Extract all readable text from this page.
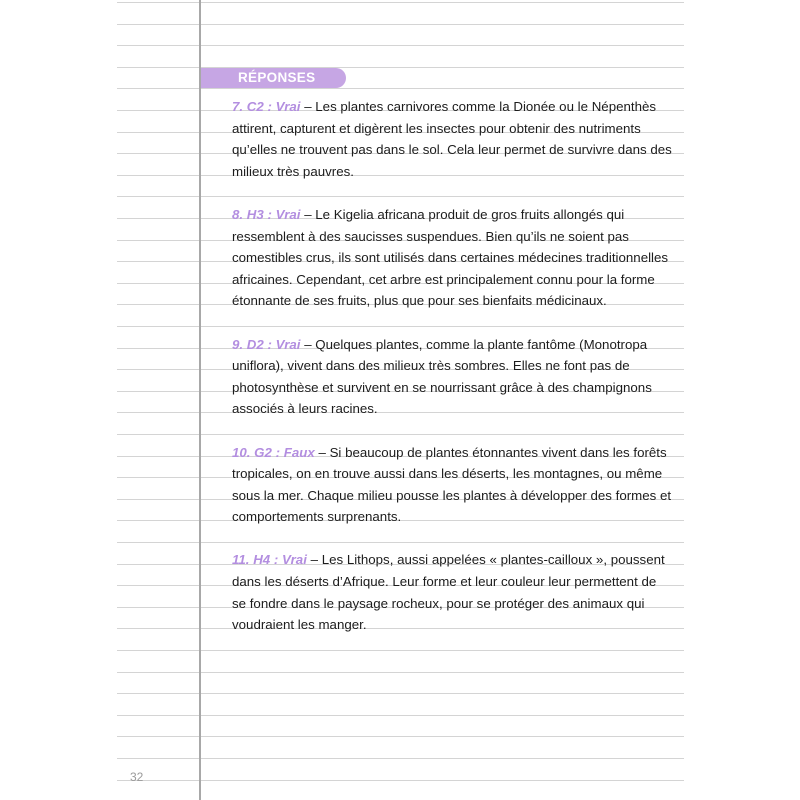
RÉPONSES

7. C2 : Vrai – Les plantes carnivores comme la Dionée ou le Népenthès attirent, capturent et digèrent les insectes pour obtenir des nutriments qu’elles ne trouvent pas dans le sol. Cela leur permet de survivre dans des milieux très pauvres.

8. H3 : Vrai – Le Kigelia africana produit de gros fruits allongés qui ressemblent à des saucisses suspendues. Bien qu’ils ne soient pas comestibles crus, ils sont utilisés dans certaines médecines traditionnelles africaines. Cependant, cet arbre est principalement connu pour la forme étonnante de ses fruits, plus que pour ses bienfaits médicinaux.

9. D2 : Vrai – Quelques plantes, comme la plante fantôme (Monotropa uniflora), vivent dans des milieux très sombres. Elles ne font pas de photosynthèse et survivent en se nourrissant grâce à des champignons associés à leurs racines.

10. G2 : Faux – Si beaucoup de plantes étonnantes vivent dans les forêts tropicales, on en trouve aussi dans les déserts, les montagnes, ou même sous la mer. Chaque milieu pousse les plantes à développer des formes et comportements surprenants.

11. H4 : Vrai – Les Lithops, aussi appelées « plantes-cailloux », poussent dans les déserts d’Afrique. Leur forme et leur couleur leur permettent de se fondre dans le paysage rocheux, pour se protéger des animaux qui voudraient les manger.

32
